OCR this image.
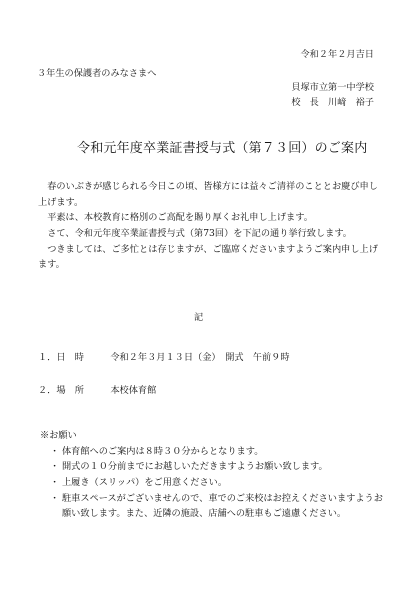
令和２年２月吉日
３年生の保護者のみなさまへ
貝塚市立第一中学校
校　長　川﨑　裕子
令和元年度卒業証書授与式（第７３回）のご案内

春のいぶきが感じられる今日この頃、皆様方には益々ご清祥のこととお慶び申し上げます。

平素は、本校教育に格別のご高配を賜り厚くお礼申し上げます。

さて、令和元年度卒業証書授与式（第73回）を下記の通り挙行致します。

つきましては、ご多忙とは存じますが、ご臨席くださいますようご案内申し上げます。

記
１．日　時	令和２年３月１３日（金）　開式　午前９時
２．場　所	本校体育館

※お願い

・ 体育館へのご案内は８時３０分からとなります。

・ 開式の１０分前までにお越しいただきますようお願い致します。

・ 上履き（スリッパ）をご用意ください。

・ 駐車スペースがございませんので、車でのご来校はお控えくださいますようお願い致します。また、近隣の施設、店舗への駐車もご遠慮ください。
